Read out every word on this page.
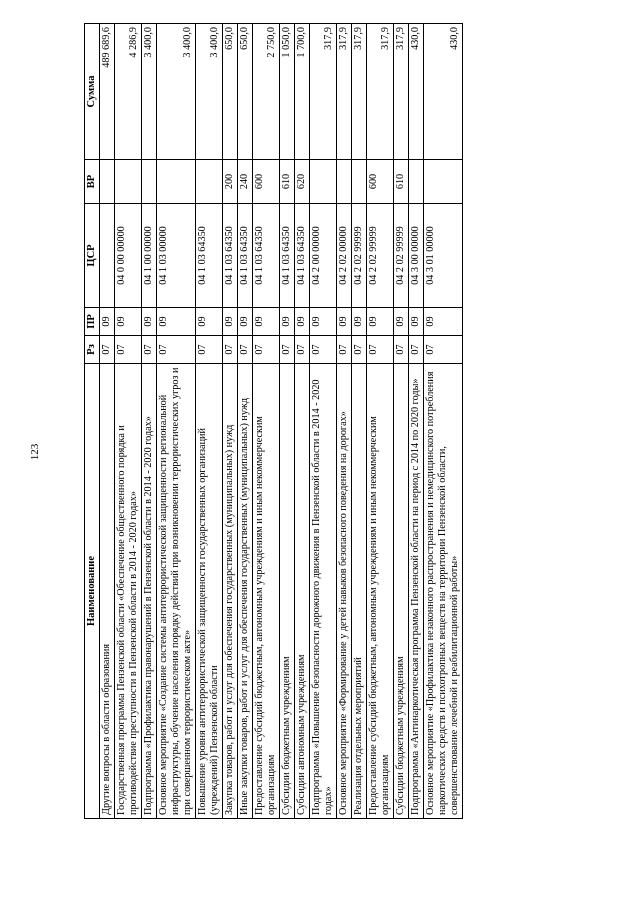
123
Наименование	Рз	ПР	ЦСР	ВР	Сумма
Другие вопросы в области образования	07	09			489 689,6
Государственная программа Пензенской области «Обеспечение общественного порядка и противодействие преступности в Пензенской области в 2014 - 2020 годах»	07	09	04 0 00 00000		4 286,9
Подпрограмма «Профилактика правонарушений в Пензенской области в 2014 - 2020 годах»	07	09	04 1 00 00000		3 400,0
Основное мероприятие «Создание системы антитеррористической защищенности региональной инфраструктуры, обучение населения порядку действий при возникновении террористических угроз и при совершенном террористическом акте»	07	09	04 1 03 00000		3 400,0
Повышение уровня антитеррористической защищенности государственных организаций (учреждений) Пензенской области	07	09	04 1 03 64350		3 400,0
Закупка товаров, работ и услуг для обеспечения государственных (муниципальных) нужд	07	09	04 1 03 64350	200	650,0
Иные закупки товаров, работ и услуг для обеспечения государственных (муниципальных) нужд	07	09	04 1 03 64350	240	650,0
Предоставление субсидий бюджетным, автономным учреждениям и иным некоммерческим организациям	07	09	04 1 03 64350	600	2 750,0
Субсидии бюджетным учреждениям	07	09	04 1 03 64350	610	1 050,0
Субсидии автономным учреждениям	07	09	04 1 03 64350	620	1 700,0
Подпрограмма «Повышение безопасности дорожного движения в Пензенской области в 2014 - 2020 годах»	07	09	04 2 00 00000		317,9
Основное мероприятие «Формирование у детей навыков безопасного поведения на дорогах»	07	09	04 2 02 00000		317,9
Реализация отдельных мероприятий	07	09	04 2 02 99999		317,9
Предоставление субсидий бюджетным, автономным учреждениям и иным некоммерческим организациям	07	09	04 2 02 99999	600	317,9
Субсидии бюджетным учреждениям	07	09	04 2 02 99999	610	317,9
Подпрограмма «Антинаркотическая программа Пензенской области на период с 2014 по 2020 годы»	07	09	04 3 00 00000		430,0
Основное мероприятие «Профилактика незаконного распространения и немедицинского потребления наркотических средств и психотропных веществ на территории Пензенской области, совершенствование лечебной и реабилитационной работы»	07	09	04 3 01 00000		430,0
